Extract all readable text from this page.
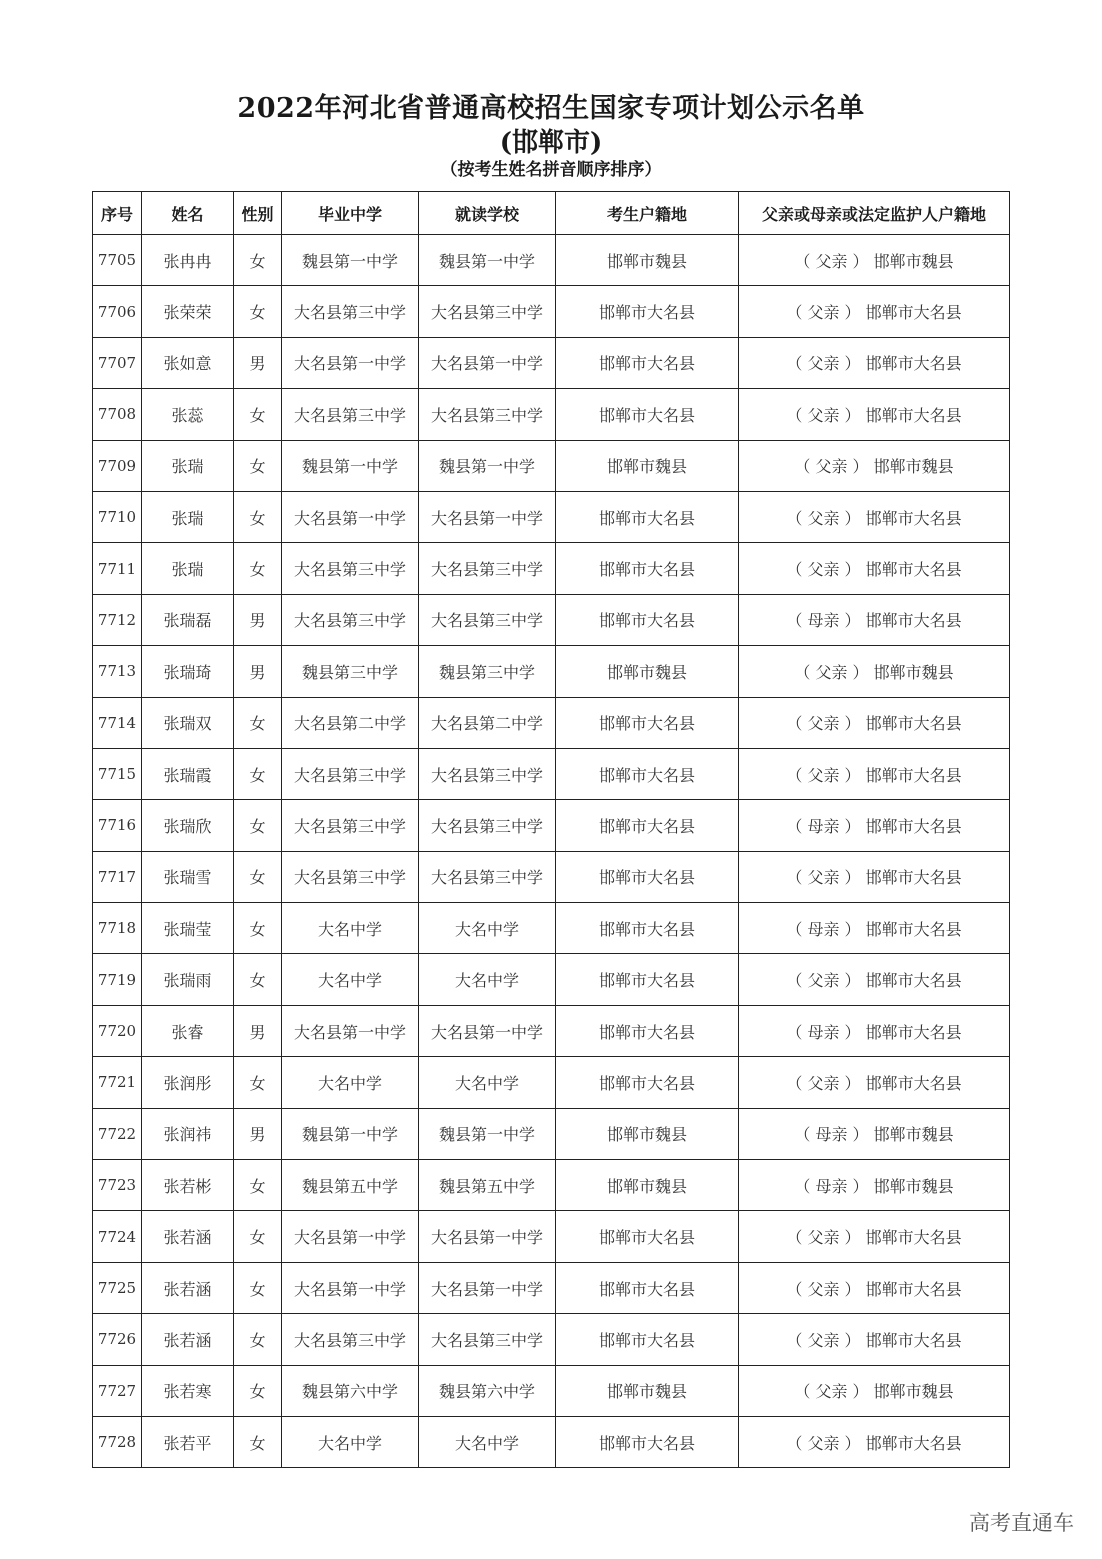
2022年河北省普通高校招生国家专项计划公示名单
(邯郸市)
（按考生姓名拼音顺序排序）
序号	姓名	性别	毕业中学	就读学校	考生户籍地	父亲或母亲或法定监护人户籍地
7705	张冉冉	女	魏县第一中学	魏县第一中学	邯郸市魏县	（ 父亲 ） 邯郸市魏县
7706	张荣荣	女	大名县第三中学	大名县第三中学	邯郸市大名县	（ 父亲 ） 邯郸市大名县
7707	张如意	男	大名县第一中学	大名县第一中学	邯郸市大名县	（ 父亲 ） 邯郸市大名县
7708	张蕊	女	大名县第三中学	大名县第三中学	邯郸市大名县	（ 父亲 ） 邯郸市大名县
7709	张瑞	女	魏县第一中学	魏县第一中学	邯郸市魏县	（ 父亲 ） 邯郸市魏县
7710	张瑞	女	大名县第一中学	大名县第一中学	邯郸市大名县	（ 父亲 ） 邯郸市大名县
7711	张瑞	女	大名县第三中学	大名县第三中学	邯郸市大名县	（ 父亲 ） 邯郸市大名县
7712	张瑞磊	男	大名县第三中学	大名县第三中学	邯郸市大名县	（ 母亲 ） 邯郸市大名县
7713	张瑞琦	男	魏县第三中学	魏县第三中学	邯郸市魏县	（ 父亲 ） 邯郸市魏县
7714	张瑞双	女	大名县第二中学	大名县第二中学	邯郸市大名县	（ 父亲 ） 邯郸市大名县
7715	张瑞霞	女	大名县第三中学	大名县第三中学	邯郸市大名县	（ 父亲 ） 邯郸市大名县
7716	张瑞欣	女	大名县第三中学	大名县第三中学	邯郸市大名县	（ 母亲 ） 邯郸市大名县
7717	张瑞雪	女	大名县第三中学	大名县第三中学	邯郸市大名县	（ 父亲 ） 邯郸市大名县
7718	张瑞莹	女	大名中学	大名中学	邯郸市大名县	（ 母亲 ） 邯郸市大名县
7719	张瑞雨	女	大名中学	大名中学	邯郸市大名县	（ 父亲 ） 邯郸市大名县
7720	张睿	男	大名县第一中学	大名县第一中学	邯郸市大名县	（ 母亲 ） 邯郸市大名县
7721	张润彤	女	大名中学	大名中学	邯郸市大名县	（ 父亲 ） 邯郸市大名县
7722	张润祎	男	魏县第一中学	魏县第一中学	邯郸市魏县	（ 母亲 ） 邯郸市魏县
7723	张若彬	女	魏县第五中学	魏县第五中学	邯郸市魏县	（ 母亲 ） 邯郸市魏县
7724	张若涵	女	大名县第一中学	大名县第一中学	邯郸市大名县	（ 父亲 ） 邯郸市大名县
7725	张若涵	女	大名县第一中学	大名县第一中学	邯郸市大名县	（ 父亲 ） 邯郸市大名县
7726	张若涵	女	大名县第三中学	大名县第三中学	邯郸市大名县	（ 父亲 ） 邯郸市大名县
7727	张若寒	女	魏县第六中学	魏县第六中学	邯郸市魏县	（ 父亲 ） 邯郸市魏县
7728	张若平	女	大名中学	大名中学	邯郸市大名县	（ 父亲 ） 邯郸市大名县
高考直通车
